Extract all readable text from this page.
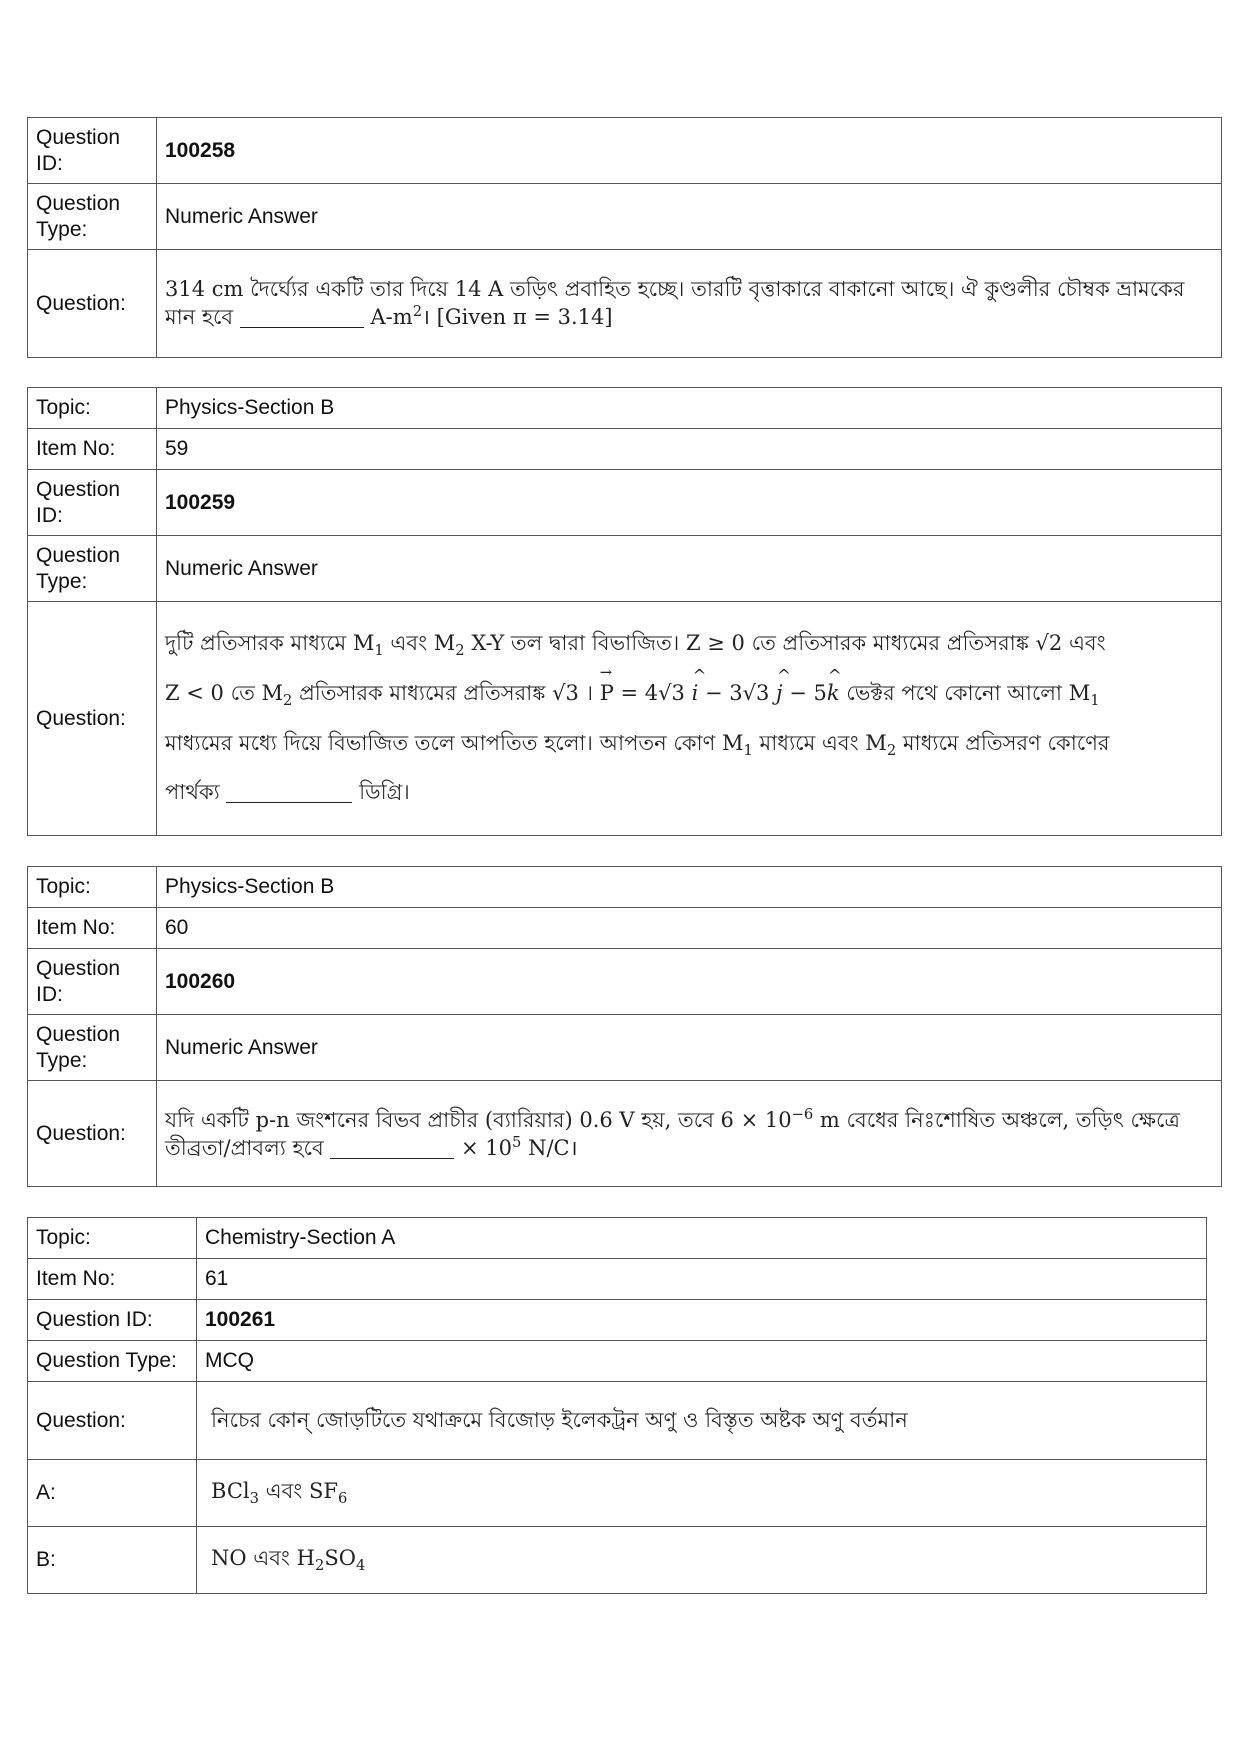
Question ID:	100258
Question Type:	Numeric Answer
Question:	314 cm দৈর্ঘ্যের একটি তার দিয়ে 14 A তড়িৎ প্রবাহিত হচ্ছে। তারটি বৃত্তাকারে বাকানো আছে। ঐ কুণ্ডলীর চৌম্বক ভ্রামকের মান হবে $A-m^2।$ [Given π = 3.14]
Topic:	Physics-Section B
Item No:	59
Question ID:	100259
Question Type:	Numeric Answer
Question:	দুটি প্রতিসারক মাধ্যমে $M_1$ এবং $M_2$ X-Y তল দ্বারা বিভাজিত। Z ≥ 0 তে প্রতিসারক মাধ্যমের প্রতিসরাঙ্ক √2 এবং
Z < 0 তে $M_2$ প্রতিসারক মাধ্যমের প্রতিসরাঙ্ক √3 । → P = 4√3 ^ i − 3√3 ^ j − 5^ k ভেক্টর পথে কোনো আলো $M_1$
মাধ্যমের মধ্যে দিয়ে বিভাজিত তলে আপতিত হলো। আপতন কোণ $M_1$ মাধ্যমে এবং $M_2$ মাধ্যমে প্রতিসরণ কোণের
পার্থক্য ডিগ্রি।
Topic:	Physics-Section B
Item No:	60
Question ID:	100260
Question Type:	Numeric Answer
Question:	যদি একটি p-n জংশনের বিভব প্রাচীর (ব্যারিয়ার) 0.6 V হয়, তবে $6 \times 10^{-6}$ m বেধের নিঃশোষিত অঞ্চলে, তড়িৎ ক্ষেত্রে তীব্রতা/প্রাবল্য হবে × $10^5$ N/C।
Topic:	Chemistry-Section A
Item No:	61
Question ID:	100261
Question Type:	MCQ
Question:	নিচের কোন্ জোড়টিতে যথাক্রমে বিজোড় ইলেকট্রন অণু ও বিস্তৃত অষ্টক অণু বর্তমান
A:	BCl$_3$ এবং $SF_6$
B:	NO এবং $H_2SO_4$
